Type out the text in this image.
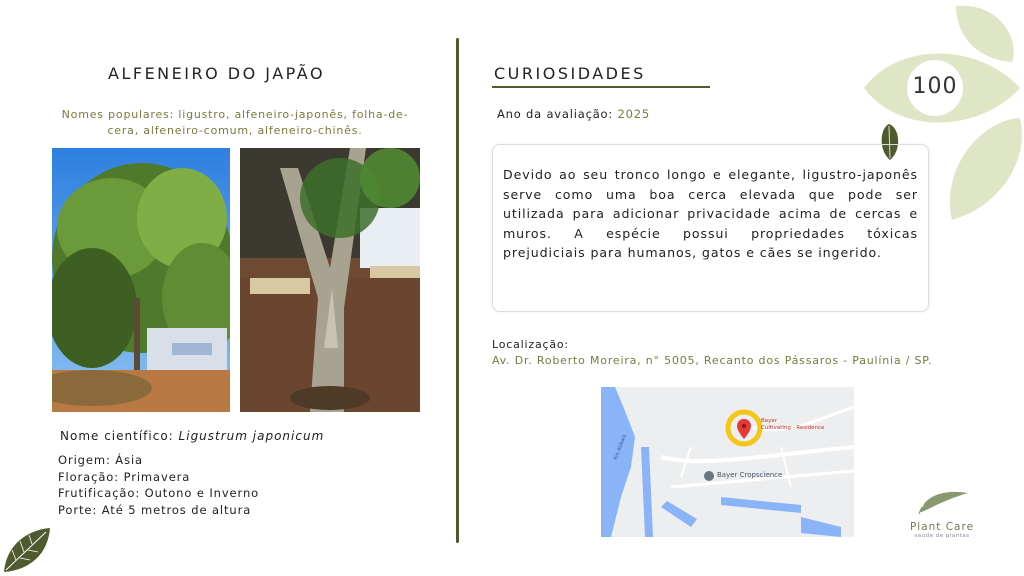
100
ALFENEIRO DO JAPÃO
Nomes populares: ligustro, alfeneiro-japonês, folha-de-
cera, alfeneiro-comum, alfeneiro-chinês.
Nome científico: Ligustrum japonicum
Origem: Ásia
Floração: Primavera
Frutificação: Outono e Inverno
Porte: Até 5 metros de altura
CURIOSIDADES
Ano da avaliação: 2025

Devido ao seu tronco longo e elegante, ligustro-japonês serve como uma boa cerca elevada que pode ser utilizada para adicionar privacidade acima de cercas e muros. A espécie possui propriedades tóxicas prejudiciais para humanos, gatos e cães se ingerido.

Localização:
Av. Dr. Roberto Moreira, n° 5005, Recanto dos Pássaros - Paulínia / SP.
Bayer
Cultivating - Residence
Bayer Cropscience
Rio Atibaia
Plant Care
saúde de plantas
